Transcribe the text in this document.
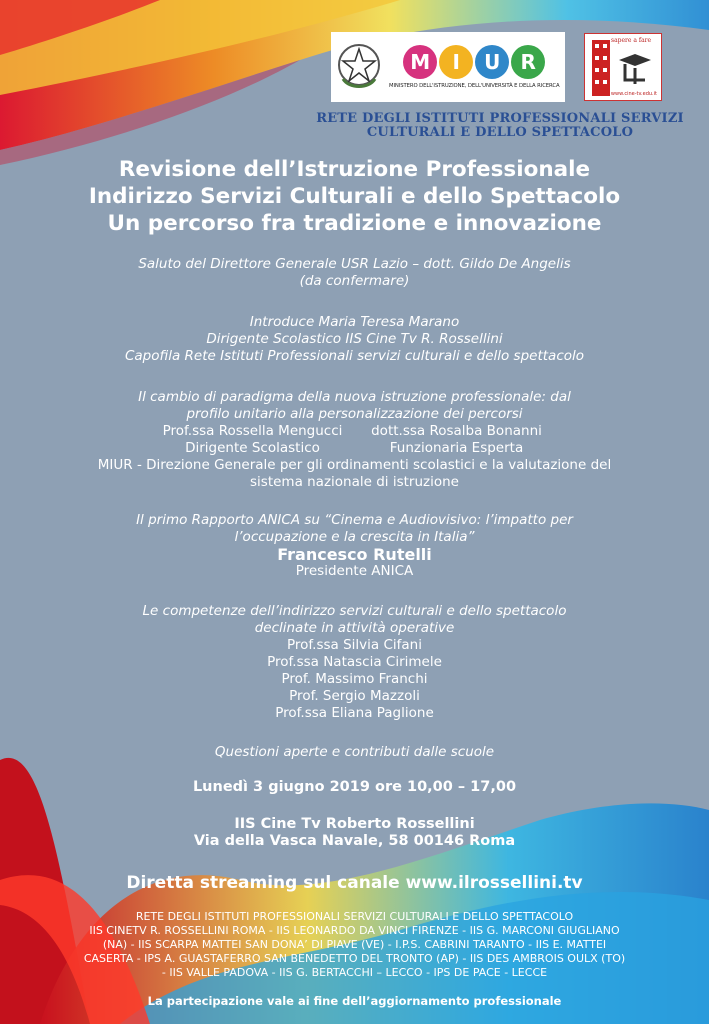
M	I	U	R
MINISTERO DELL'ISTRUZIONE, DELL'UNIVERSITÀ E DELLA RICERCA
sapere a fare
www.cine-tv.edu.it
RETE DEGLI ISTITUTI PROFESSIONALI SERVIZI
CULTURALI E DELLO SPETTACOLO
Revisione dell’Istruzione Professionale
Indirizzo Servizi Culturali e dello Spettacolo
Un percorso fra tradizione e innovazione
Saluto del Direttore Generale USR Lazio – dott. Gildo De Angelis
(da confermare)
Introduce Maria Teresa Marano
Dirigente Scolastico IIS Cine Tv R. Rossellini
Capofila Rete Istituti Professionali servizi culturali e dello spettacolo
Il cambio di paradigma della nuova istruzione professionale: dal
profilo unitario alla personalizzazione dei percorsi
Prof.ssa Rossella Mengucci	dott.ssa Rosalba Bonanni
Dirigente Scolastico	Funzionaria Esperta
MIUR - Direzione Generale per gli ordinamenti scolastici e la valutazione del
sistema nazionale di istruzione
Il primo Rapporto ANICA su “Cinema e Audiovisivo: l’impatto per
l’occupazione e la crescita in Italia”
Francesco Rutelli
Presidente ANICA
Le competenze dell’indirizzo servizi culturali e dello spettacolo
declinate in attività operative
Prof.ssa Silvia Cifani
Prof.ssa Natascia Cirimele
Prof. Massimo Franchi
Prof. Sergio Mazzoli
Prof.ssa Eliana Paglione
Questioni aperte e contributi dalle scuole
Lunedì 3 giugno 2019 ore 10,00 – 17,00
IIS Cine Tv Roberto Rossellini
Via della Vasca Navale, 58 00146 Roma
Diretta streaming sul canale www.ilrossellini.tv
RETE DEGLI ISTITUTI PROFESSIONALI SERVIZI CULTURALI E DELLO SPETTACOLO
IIS CINETV R. ROSSELLINI ROMA - IIS LEONARDO DA VINCI FIRENZE - IIS G. MARCONI GIUGLIANO
(NA) - IIS SCARPA MATTEI SAN DONA’ DI PIAVE (VE) - I.P.S. CABRINI TARANTO - IIS E. MATTEI
CASERTA - IPS A. GUASTAFERRO SAN BENEDETTO DEL TRONTO (AP) - IIS DES AMBROIS OULX (TO)
- IIS VALLE PADOVA - IIS G. BERTACCHI – LECCO - IPS DE PACE - LECCE
La partecipazione vale ai fine dell’aggiornamento professionale
